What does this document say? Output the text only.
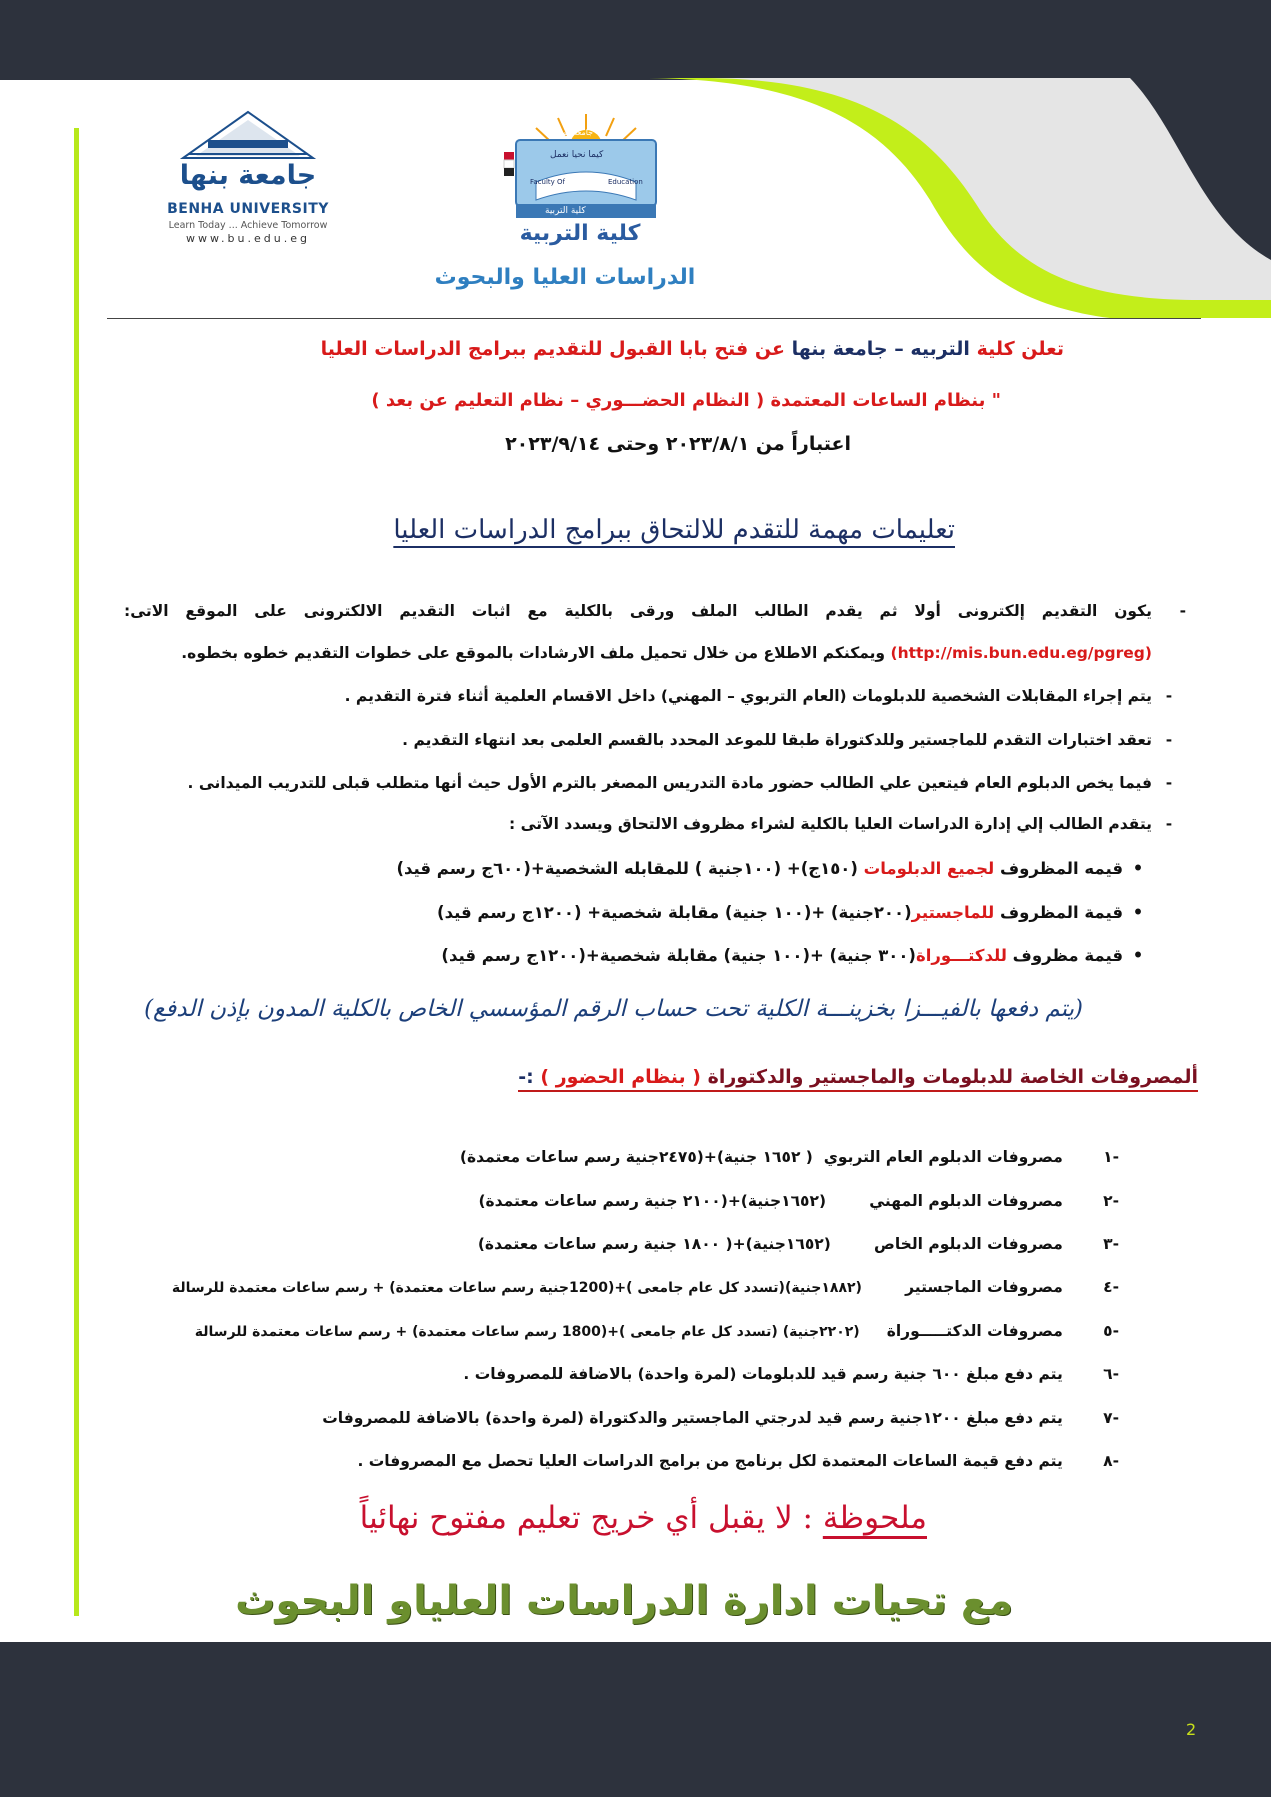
جامعة بنها
BENHA UNIVERSITY
Learn Today ... Achieve Tomorrow
www.bu.edu.eg
جامعة بنها
كيما نحيا نعمل
Faculty Of	Education
كلية التربية
كلية التربية
الدراسات العليا والبحوث
تعلن كلية التربيه – جامعة بنها عن فتح بابا القبول للتقديم ببرامج الدراسات العليا
" بنظام الساعات المعتمدة ( النظام الحضـــوري – نظام التعليم عن بعد )
اعتباراً من ٢٠٢٣/٨/١ وحتى ٢٠٢٣/٩/١٤
تعليمات مهمة للتقدم للالتحاق ببرامج الدراسات العليا
-يكون التقديم إلكترونى أولا ثم يقدم الطالب الملف ورقى بالكلية مع اثبات التقديم الالكترونى على الموقع الاتى:
(http://mis.bun.edu.eg/pgreg) ويمكنكم الاطلاع من خلال تحميل ملف الارشادات بالموقع على خطوات التقديم خطوه بخطوه.
-يتم إجراء المقابلات الشخصية للدبلومات (العام التربوي – المهني) داخل الاقسام العلمية أثناء فترة التقديم .
-تعقد اختبارات التقدم للماجستير وللدكتوراة طبقا للموعد المحدد بالقسم العلمى بعد انتهاء التقديم .
-فيما يخص الدبلوم العام فيتعين علي الطالب حضور مادة التدريس المصغر بالترم الأول حيث أنها متطلب قبلى للتدريب الميدانى .
-يتقدم الطالب إلي إدارة الدراسات العليا بالكلية لشراء مظروف الالتحاق ويسدد الآتى :
•قيمه المظروف لجميع الدبلومات (١٥٠ج)+ (١٠٠جنية ) للمقابله الشخصية+(٦٠٠ج رسم قيد)
•قيمة المظروف للماجستير(٢٠٠جنية) +(١٠٠ جنية) مقابلة شخصية+ (١٢٠٠ج رسم قيد)
•قيمة مظروف للدكتـــوراة(٣٠٠ جنية) +(١٠٠ جنية) مقابلة شخصية+(١٢٠٠ج رسم قيد)
(يتم دفعها بالفيـــزا بخزينـــة الكلية تحت حساب الرقم المؤسسي الخاص بالكلية المدون بإذن الدفع)
ألمصروفات الخاصة للدبلومات والماجستير والدكتوراة ( بنظام الحضور ) :-
-١   مصروفات الدبلوم العام التربوي  ( ١٦٥٢ جنية)+(٢٤٧٥جنية رسم ساعات معتمدة)
-٢   مصروفات الدبلوم المهني        (١٦٥٢جنية)+(٢١٠٠ جنية رسم ساعات معتمدة)
-٣   مصروفات الدبلوم الخاص        (١٦٥٢جنية)+( ١٨٠٠ جنية رسم ساعات معتمدة)
-٤   مصروفات الماجستير        (١٨٨٢جنية)(تسدد كل عام جامعى )+(1200جنية رسم ساعات معتمدة) + رسم ساعات معتمدة للرسالة
-٥   مصروفات الدكتـــــوراة     (٢٢٠٢جنية) (تسدد كل عام جامعى )+(1800 رسم ساعات معتمدة) + رسم ساعات معتمدة للرسالة
-٦   يتم دفع مبلغ ٦٠٠ جنية رسم قيد للدبلومات (لمرة واحدة) بالاضافة للمصروفات .
-٧   يتم دفع مبلغ ١٢٠٠جنية رسم قيد لدرجتي الماجستير والدكتوراة (لمرة واحدة) بالاضافة للمصروفات
-٨   يتم دفع قيمة الساعات المعتمدة لكل برنامج من برامج الدراسات العليا تحصل مع المصروفات .
ملحوظة : لا يقبل أي خريج تعليم مفتوح نهائياً
مع تحيات ادارة الدراسات العلياو البحوث
2
